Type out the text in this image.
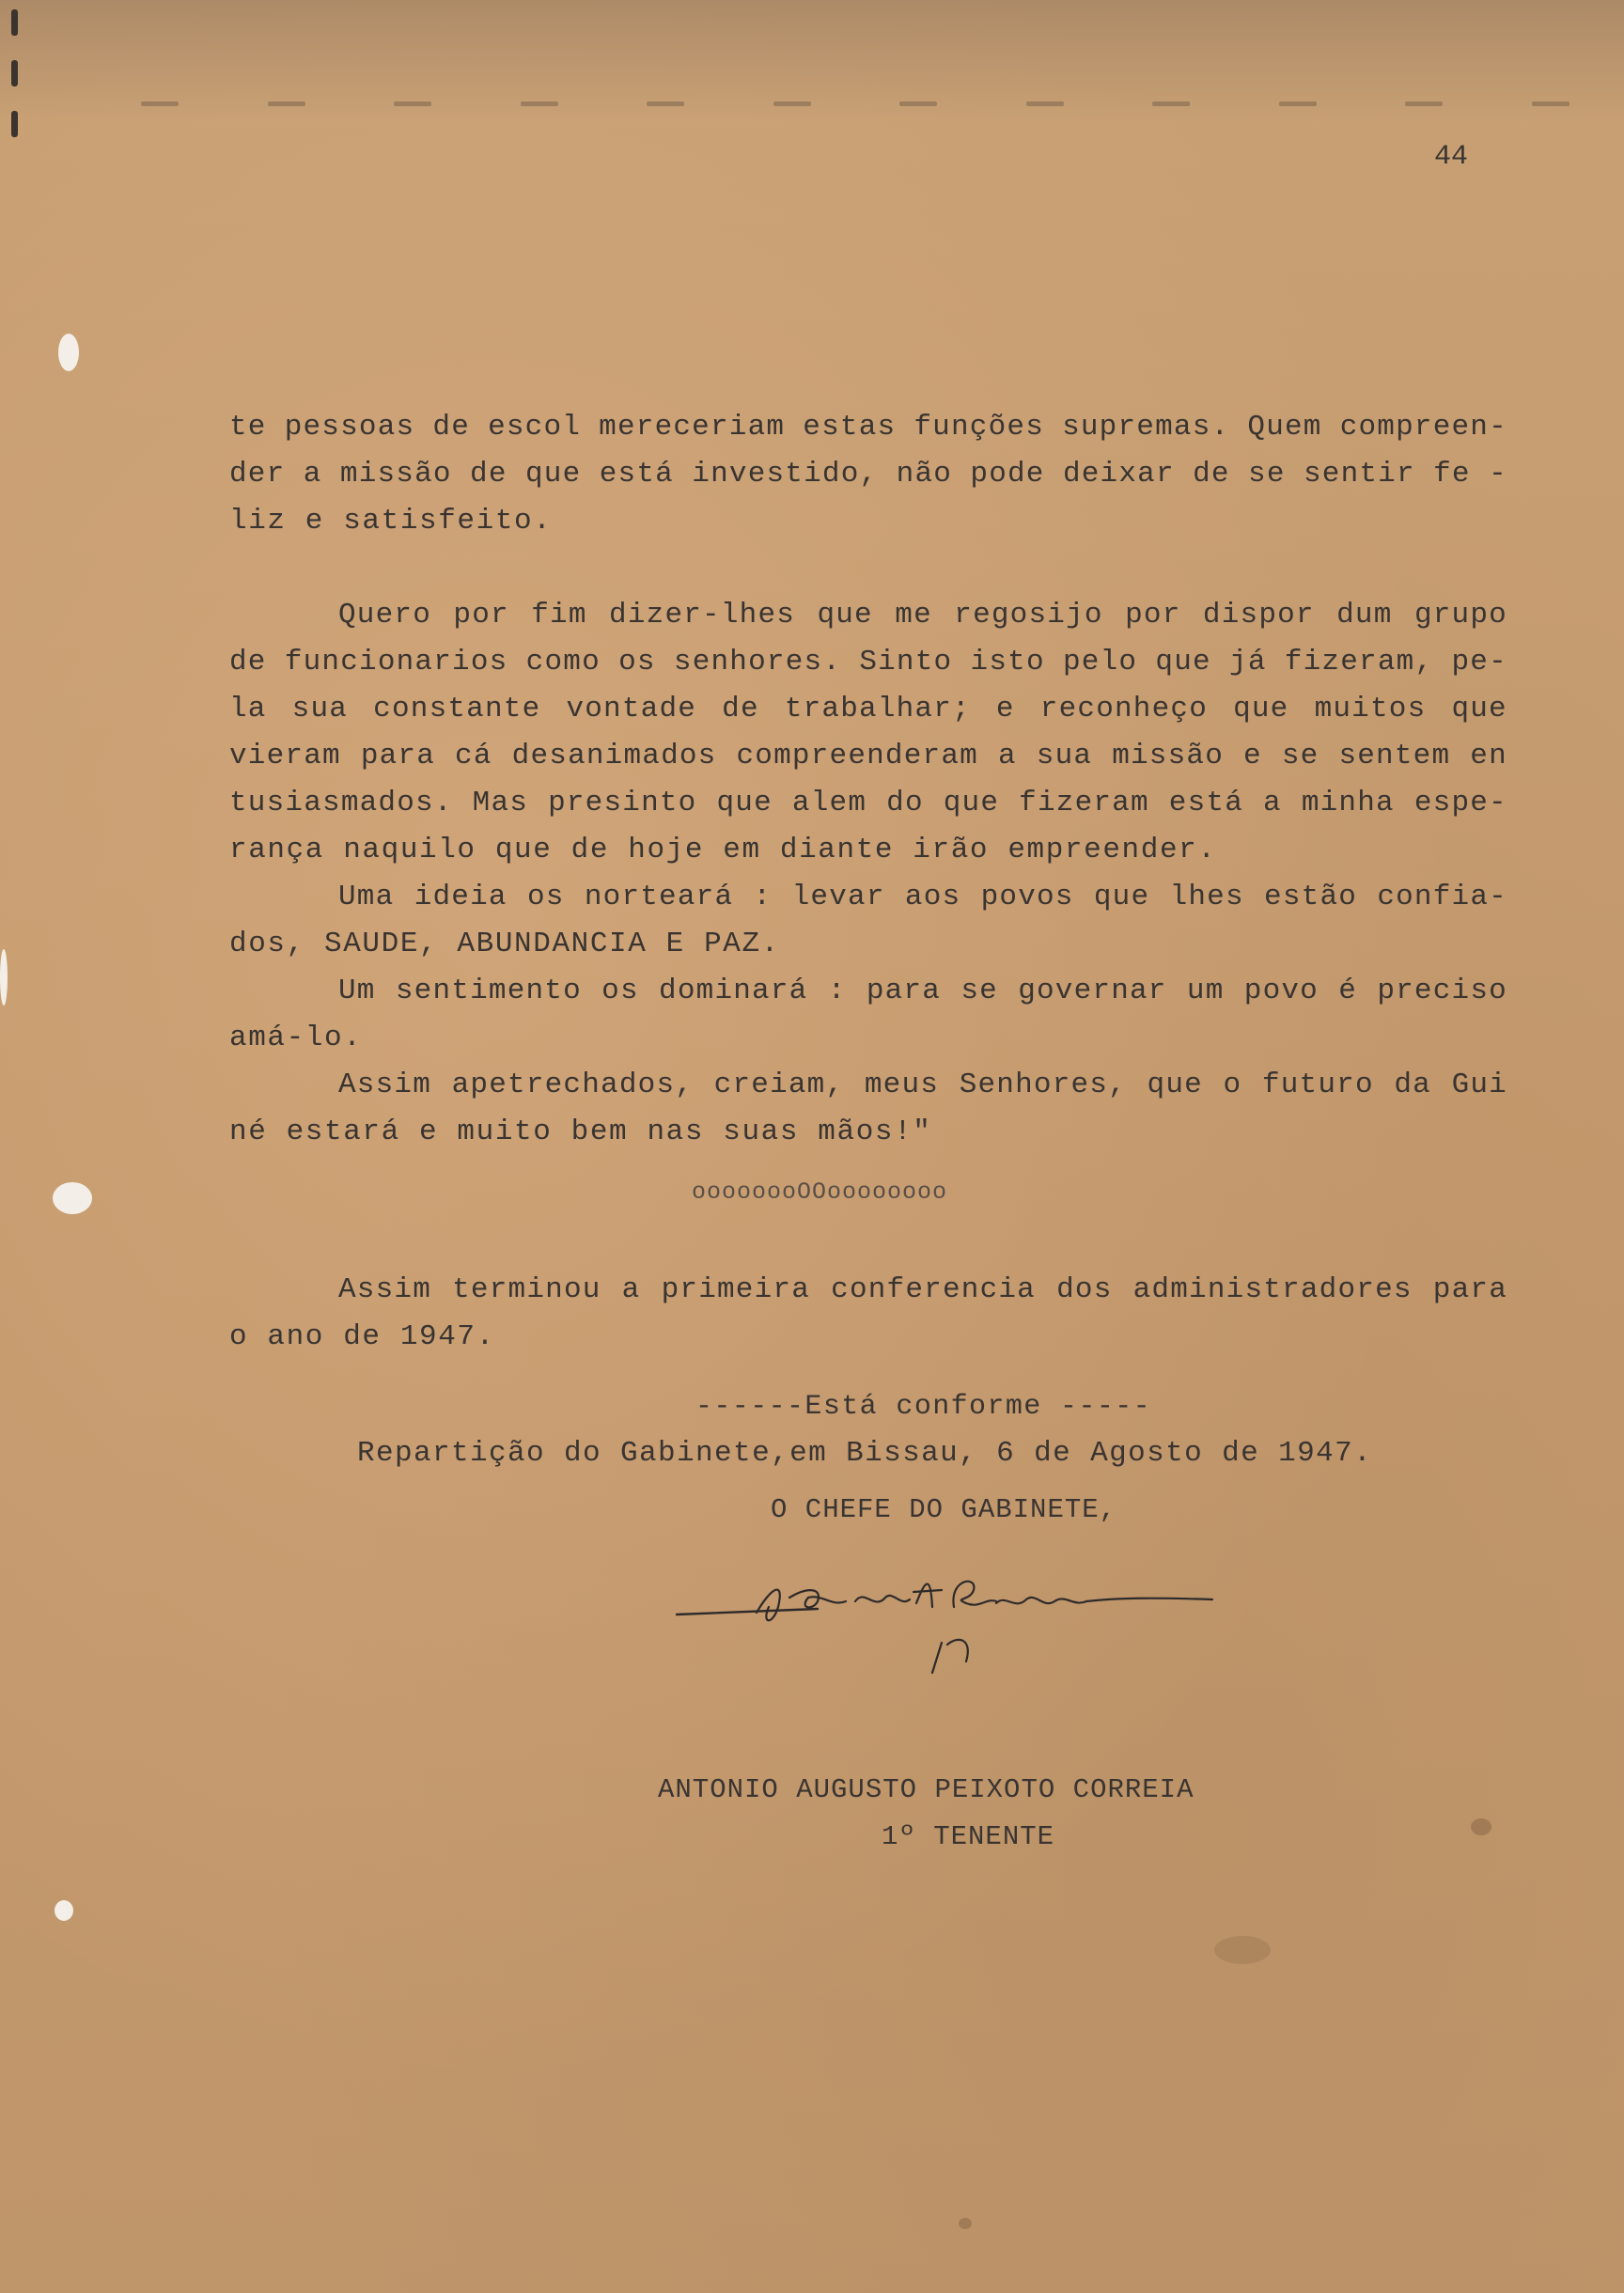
44
te pessoas de escol mereceriam estas funções supremas. Quem compreen-
der a missão de que está investido, não pode deixar de se sentir fe -
liz e satisfeito.
Quero por fim dizer-lhes que me regosijo por dispor dum grupo
de funcionarios como os senhores. Sinto isto pelo que já fizeram, pe-
la sua constante vontade de trabalhar; e reconheço que muitos que
vieram para cá desanimados compreenderam a sua missão e se sentem en
tusiasmados. Mas presinto que alem do que fizeram está a minha espe-
rança naquilo que de hoje em diante irão empreender.
Uma ideia os norteará : levar aos povos que lhes estão confia-
dos, SAUDE, ABUNDANCIA E PAZ.
Um sentimento os dominará : para se governar um povo é preciso
amá-lo.
Assim apetrechados, creiam, meus Senhores, que o futuro da Gui
né estará e muito bem nas suas mãos!"
oooooooOOoooooooo
Assim terminou a primeira conferencia dos administradores para
o ano de 1947.
------Está conforme -----
Repartição do Gabinete,em Bissau, 6 de Agosto de 1947.
O CHEFE DO GABINETE,
ANTONIO AUGUSTO PEIXOTO CORREIA
1º TENENTE
